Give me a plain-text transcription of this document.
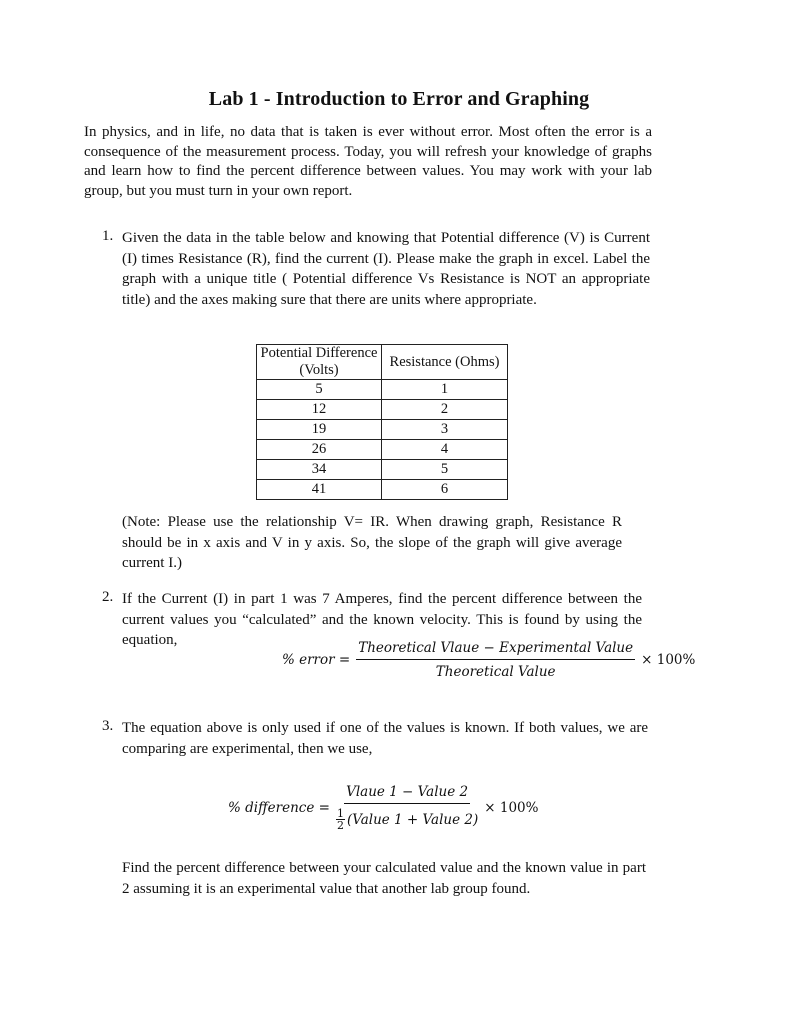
Lab 1 - Introduction to Error and Graphing
In physics, and in life, no data that is taken is ever without error. Most often the error is a consequence of the measurement process. Today, you will refresh your knowledge of graphs and learn how to find the percent difference between values. You may work with your lab group, but you must turn in your own report.
1. Given the data in the table below and knowing that Potential difference (V) is Current (I) times Resistance (R), find the current (I). Please make the graph in excel. Label the graph with a unique title ( Potential difference Vs Resistance is NOT an appropriate title) and the axes making sure that there are units where appropriate.
Potential Difference (Volts)	Resistance (Ohms)
5	1
12	2
19	3
26	4
34	5
41	6
(Note: Please use the relationship V= IR. When drawing graph, Resistance R should be in x axis and V in y axis. So, the slope of the graph will give average current I.)
2. If the Current (I) in part 1 was 7 Amperes, find the percent difference between the current values you “calculated” and the known velocity. This is found by using the equation,
% error = $\frac{\text{Theoretical Vlaue − Experimental Value}}{\text{Theoretical Value}} \times 100\%$
3. The equation above is only used if one of the values is known. If both values, we are comparing are experimental, then we use,
% difference = $\frac{\text{Vlaue 1 − Value 2}}{\frac{1}{2} (Value 1 + Value 2)} \times 100\%$
Find the percent difference between your calculated value and the known value in part 2 assuming it is an experimental value that another lab group found.
